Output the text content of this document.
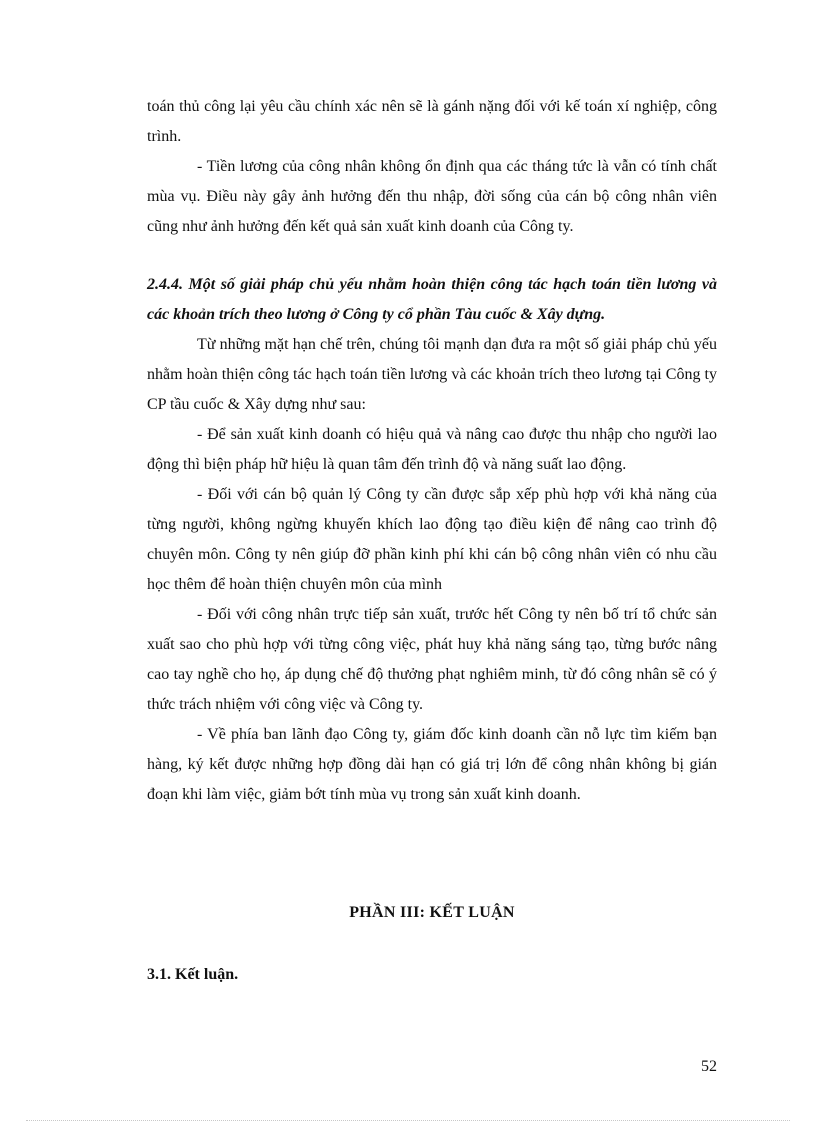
toán thủ công lại yêu cầu chính xác nên sẽ là gánh nặng đối với kế toán xí nghiệp, công trình.

- Tiền lương của công nhân không ổn định qua các tháng tức là vẫn có tính chất mùa vụ. Điều này gây ảnh hưởng đến thu nhập, đời sống của cán bộ công nhân viên cũng như ảnh hưởng đến kết quả sản xuất kinh doanh của Công ty.

2.4.4. Một số giải pháp chủ yếu nhằm hoàn thiện công tác hạch toán tiền lương và các khoản trích theo lương ở Công ty cổ phần Tàu cuốc & Xây dựng.

Từ những mặt hạn chế trên, chúng tôi mạnh dạn đưa ra một số giải pháp chủ yếu nhằm hoàn thiện công tác hạch toán tiền lương và các khoản trích theo lương tại Công ty CP tầu cuốc & Xây dựng như sau:

- Để sản xuất kinh doanh có hiệu quả và nâng cao được thu nhập cho người lao động thì biện pháp hữ hiệu là quan tâm đến trình độ và năng suất lao động.

- Đối với cán bộ quản lý Công ty cần được sắp xếp phù hợp với khả năng của từng người, không ngừng khuyến khích lao động tạo điều kiện để nâng cao trình độ chuyên môn. Công ty nên giúp đỡ phần kinh phí khi cán bộ công nhân viên có nhu cầu học thêm để hoàn thiện chuyên môn của mình

- Đối với công nhân trực tiếp sản xuất, trước hết Công ty nên bố trí tổ chức sản xuất sao cho phù hợp với từng công việc, phát huy khả năng sáng tạo, từng bước nâng cao tay nghề cho họ, áp dụng chế độ thưởng phạt nghiêm minh, từ đó công nhân sẽ có ý thức trách nhiệm với công việc và Công ty.

- Về phía ban lãnh đạo Công ty, giám đốc kinh doanh cần nỗ lực tìm kiếm bạn hàng, ký kết được những hợp đồng dài hạn có giá trị lớn để công nhân không bị gián đoạn khi làm việc, giảm bớt tính mùa vụ trong sản xuất kinh doanh.

PHẦN III: KẾT LUẬN
3.1. Kết luận.
52
